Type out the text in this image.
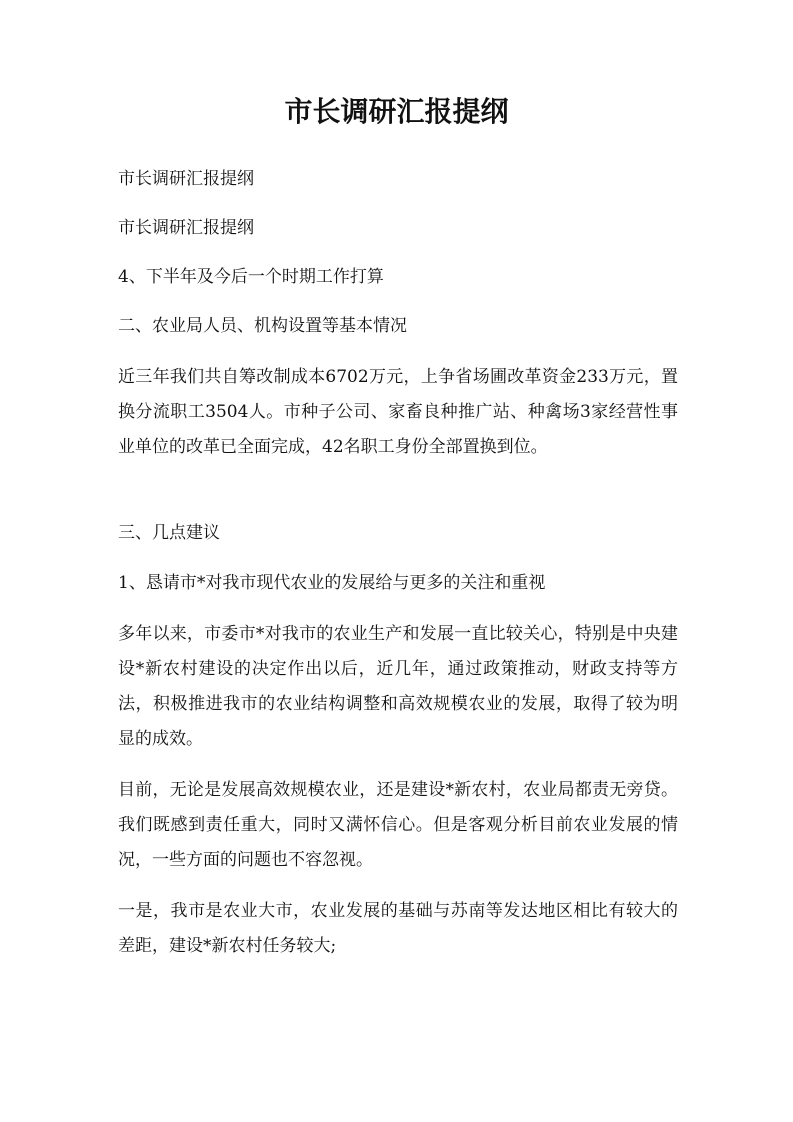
市长调研汇报提纲

市长调研汇报提纲

市长调研汇报提纲

4、下半年及今后一个时期工作打算

二、农业局人员、机构设置等基本情况

近三年我们共自筹改制成本6702万元，上争省场圃改革资金233万元，置换分流职工3504人。市种子公司、家畜良种推广站、种禽场3家经营性事业单位的改革已全面完成，42名职工身份全部置换到位。

三、几点建议

1、恳请市*对我市现代农业的发展给与更多的关注和重视

多年以来，市委市*对我市的农业生产和发展一直比较关心，特别是中央建设*新农村建设的决定作出以后，近几年，通过政策推动，财政支持等方法，积极推进我市的农业结构调整和高效规模农业的发展，取得了较为明显的成效。

目前，无论是发展高效规模农业，还是建设*新农村，农业局都责无旁贷。我们既感到责任重大，同时又满怀信心。但是客观分析目前农业发展的情况，一些方面的问题也不容忽视。

一是，我市是农业大市，农业发展的基础与苏南等发达地区相比有较大的差距，建设*新农村任务较大;
